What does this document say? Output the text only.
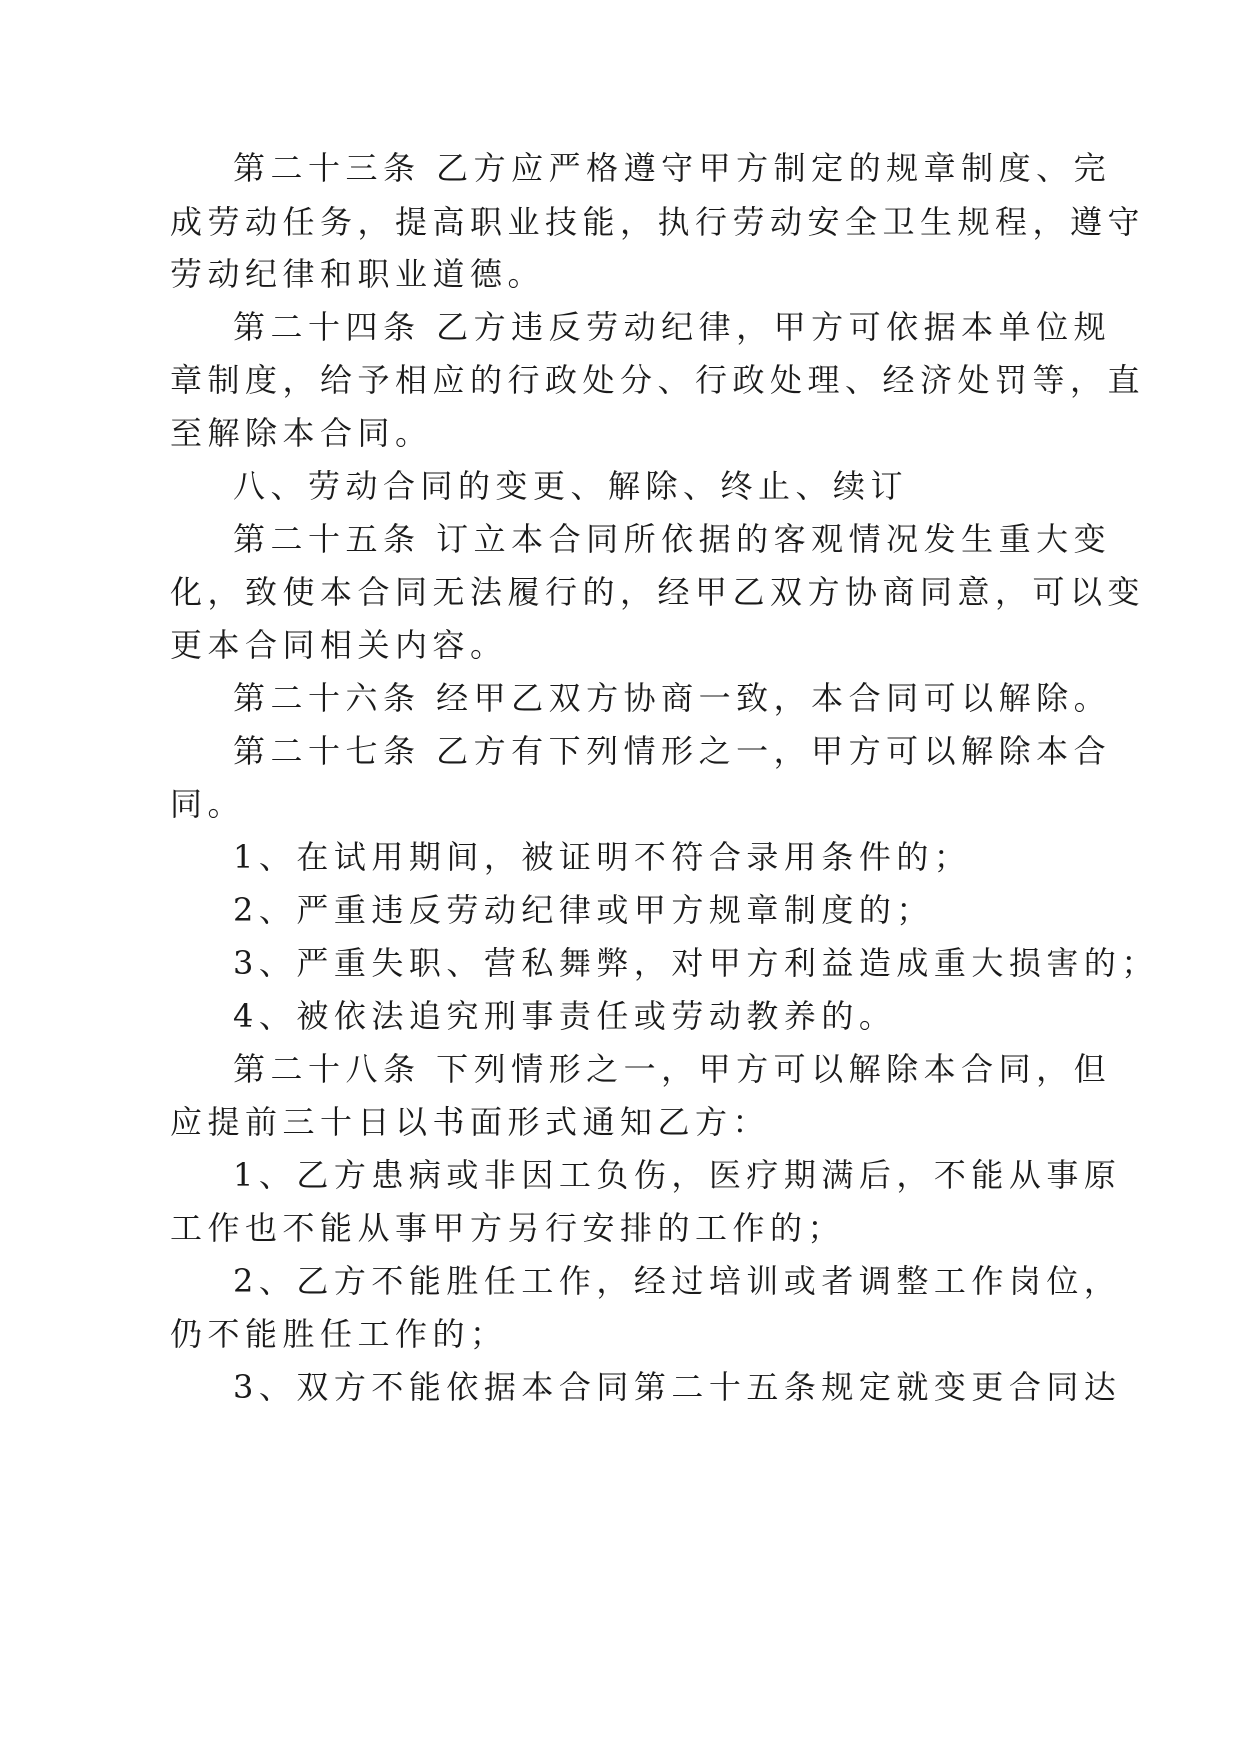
第二十三条 乙方应严格遵守甲方制定的规章制度、完
成劳动任务，提高职业技能，执行劳动安全卫生规程，遵守
劳动纪律和职业道德。
第二十四条 乙方违反劳动纪律，甲方可依据本单位规
章制度，给予相应的行政处分、行政处理、经济处罚等，直
至解除本合同。
八、劳动合同的变更、解除、终止、续订
第二十五条 订立本合同所依据的客观情况发生重大变
化，致使本合同无法履行的，经甲乙双方协商同意，可以变
更本合同相关内容。
第二十六条 经甲乙双方协商一致，本合同可以解除。
第二十七条 乙方有下列情形之一，甲方可以解除本合
同。
1、在试用期间，被证明不符合录用条件的；
2、严重违反劳动纪律或甲方规章制度的；
3、严重失职、营私舞弊，对甲方利益造成重大损害的；
4、被依法追究刑事责任或劳动教养的。
第二十八条 下列情形之一，甲方可以解除本合同，但
应提前三十日以书面形式通知乙方：
1、乙方患病或非因工负伤，医疗期满后，不能从事原
工作也不能从事甲方另行安排的工作的；
2、乙方不能胜任工作，经过培训或者调整工作岗位，
仍不能胜任工作的；
3、双方不能依据本合同第二十五条规定就变更合同达
